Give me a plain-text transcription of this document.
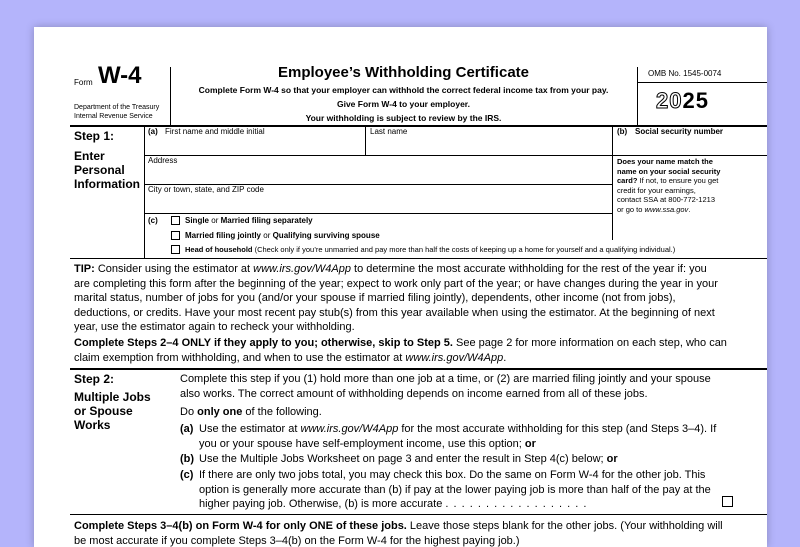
Form W-4
Department of the Treasury
Internal Revenue Service
Employee’s Withholding Certificate
Complete Form W-4 so that your employer can withhold the correct federal income tax from your pay.
Give Form W-4 to your employer.
Your withholding is subject to review by the IRS.
OMB No. 1545-0074
2025
Step 1:
Enter
Personal
Information
(a) First name and middle initial	Last name	(b) Social security number
Address
City or town, state, and ZIP code
Does your name match the
name on your social security
card? If not, to ensure you get
credit for your earnings,
contact SSA at 800-772-1213
or go to www.ssa.gov.
(c)	Single or Married filing separately
Married filing jointly or Qualifying surviving spouse
Head of household (Check only if you’re unmarried and pay more than half the costs of keeping up a home for yourself and a qualifying individual.)
TIP: Consider using the estimator at www.irs.gov/W4App to determine the most accurate withholding for the rest of the year if: you
are completing this form after the beginning of the year; expect to work only part of the year; or have changes during the year in your
marital status, number of jobs for you (and/or your spouse if married filing jointly), dependents, other income (not from jobs),
deductions, or credits. Have your most recent pay stub(s) from this year available when using the estimator. At the beginning of next
year, use the estimator again to recheck your withholding.
Complete Steps 2–4 ONLY if they apply to you; otherwise, skip to Step 5. See page 2 for more information on each step, who can
claim exemption from withholding, and when to use the estimator at www.irs.gov/W4App.
Step 2:
Multiple Jobs
or Spouse
Works
Complete this step if you (1) hold more than one job at a time, or (2) are married filing jointly and your spouse
also works. The correct amount of withholding depends on income earned from all of these jobs.
Do only one of the following.
(a) Use the estimator at www.irs.gov/W4App for the most accurate withholding for this step (and Steps 3–4). If
you or your spouse have self-employment income, use this option; or
(b) Use the Multiple Jobs Worksheet on page 3 and enter the result in Step 4(c) below; or
(c) If there are only two jobs total, you may check this box. Do the same on Form W-4 for the other job. This
option is generally more accurate than (b) if pay at the lower paying job is more than half of the pay at the
higher paying job. Otherwise, (b) is more accurate . . . . . . . . . . . . . . . . . .
Complete Steps 3–4(b) on Form W-4 for only ONE of these jobs. Leave those steps blank for the other jobs. (Your withholding will
be most accurate if you complete Steps 3–4(b) on the Form W-4 for the highest paying job.)
